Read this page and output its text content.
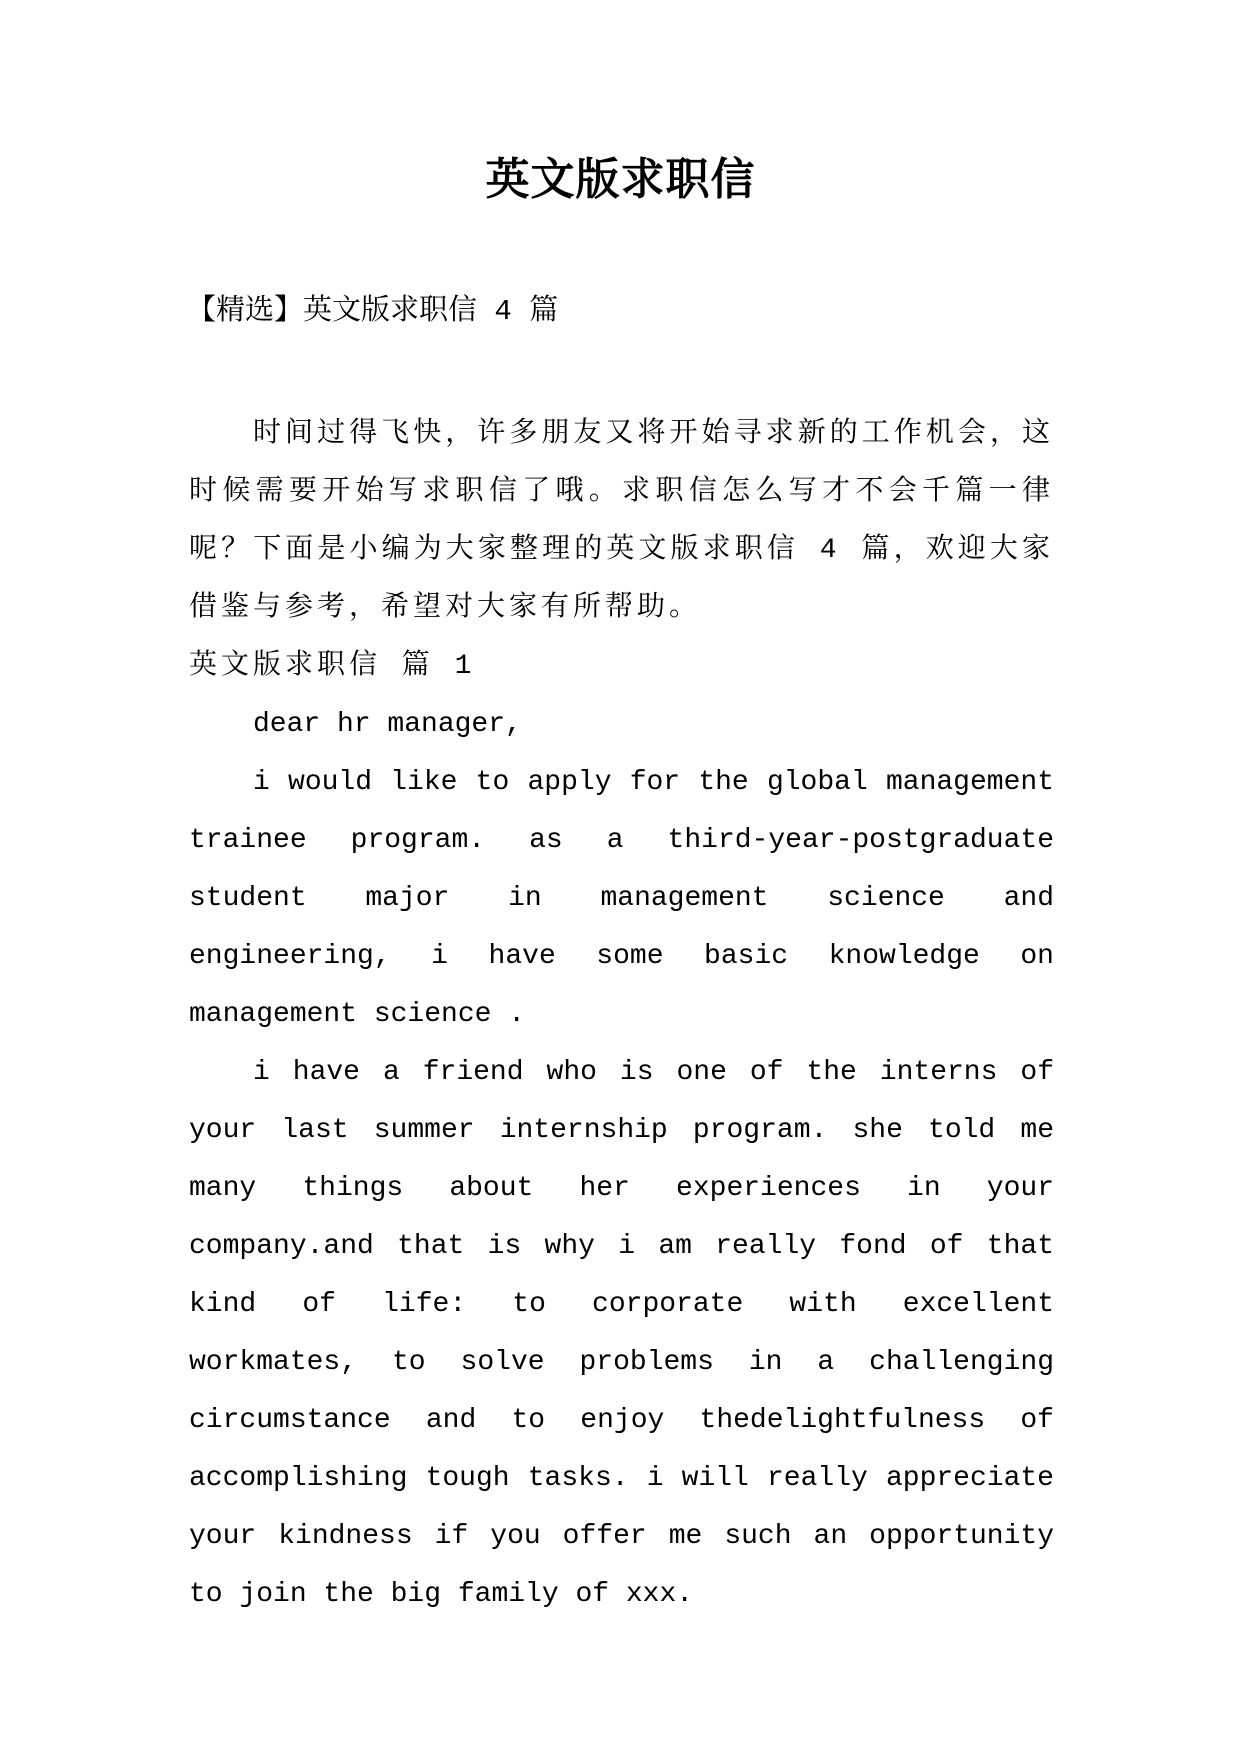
英文版求职信
【精选】英文版求职信 4 篇

时间过得飞快，许多朋友又将开始寻求新的工作机会，这时候需要开始写求职信了哦。求职信怎么写才不会千篇一律呢？下面是小编为大家整理的英文版求职信 4 篇，欢迎大家借鉴与参考，希望对大家有所帮助。

英文版求职信 篇 1

dear hr manager,

i would like to apply for the global management trainee program. as a third-year-postgraduate student major in management science and engineering, i have some basic knowledge on management science .

i have a friend who is one of the interns of your last summer internship program. she told me many things about her experiences in your company.and that is why i am really fond of that kind of life: to corporate with excellent workmates, to solve problems in a challenging circumstance and to enjoy thedelightfulness of accomplishing tough tasks. i will really appreciate your kindness if you offer me such an opportunity to join the big family of xxx.
